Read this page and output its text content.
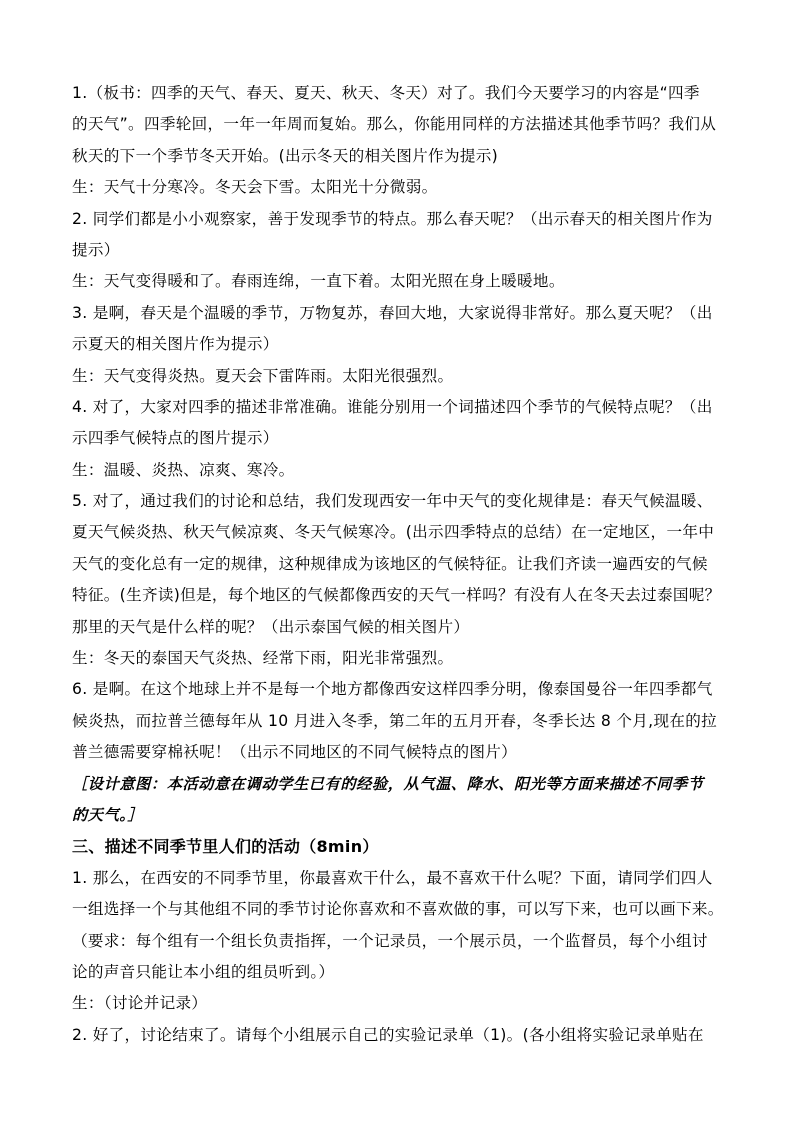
1.（板书：四季的天气、春天、夏天、秋天、冬天）对了。我们今天要学习的内容是“四季
的天气”。四季轮回，一年一年周而复始。那么，你能用同样的方法描述其他季节吗？我们从
秋天的下一个季节冬天开始。(出示冬天的相关图片作为提示)
生：天气十分寒冷。冬天会下雪。太阳光十分微弱。
2. 同学们都是小小观察家，善于发现季节的特点。那么春天呢？（出示春天的相关图片作为
提示）
生：天气变得暖和了。春雨连绵，一直下着。太阳光照在身上暖暖地。
3. 是啊，春天是个温暖的季节，万物复苏，春回大地，大家说得非常好。那么夏天呢？（出
示夏天的相关图片作为提示）
生：天气变得炎热。夏天会下雷阵雨。太阳光很强烈。
4. 对了，大家对四季的描述非常准确。谁能分别用一个词描述四个季节的气候特点呢？（出
示四季气候特点的图片提示）
生：温暖、炎热、凉爽、寒冷。
5. 对了，通过我们的讨论和总结，我们发现西安一年中天气的变化规律是：春天气候温暖、
夏天气候炎热、秋天气候凉爽、冬天气候寒冷。(出示四季特点的总结）在一定地区，一年中
天气的变化总有一定的规律，这种规律成为该地区的气候特征。让我们齐读一遍西安的气候
特征。(生齐读)但是，每个地区的气候都像西安的天气一样吗？有没有人在冬天去过泰国呢？
那里的天气是什么样的呢？（出示泰国气候的相关图片）
生：冬天的泰国天气炎热、经常下雨，阳光非常强烈。
6. 是啊。在这个地球上并不是每一个地方都像西安这样四季分明，像泰国曼谷一年四季都气
候炎热，而拉普兰德每年从 10 月进入冬季，第二年的五月开春，冬季长达 8 个月,现在的拉
普兰德需要穿棉袄呢！（出示不同地区的不同气候特点的图片）
［设计意图：本活动意在调动学生已有的经验，从气温、降水、阳光等方面来描述不同季节
的天气。］
三、描述不同季节里人们的活动（8min）
1. 那么，在西安的不同季节里，你最喜欢干什么，最不喜欢干什么呢？下面，请同学们四人
一组选择一个与其他组不同的季节讨论你喜欢和不喜欢做的事，可以写下来，也可以画下来。
（要求：每个组有一个组长负责指挥，一个记录员，一个展示员，一个监督员，每个小组讨
论的声音只能让本小组的组员听到。）
生：（讨论并记录）
2. 好了，讨论结束了。请每个小组展示自己的实验记录单（1)。(各小组将实验记录单贴在
